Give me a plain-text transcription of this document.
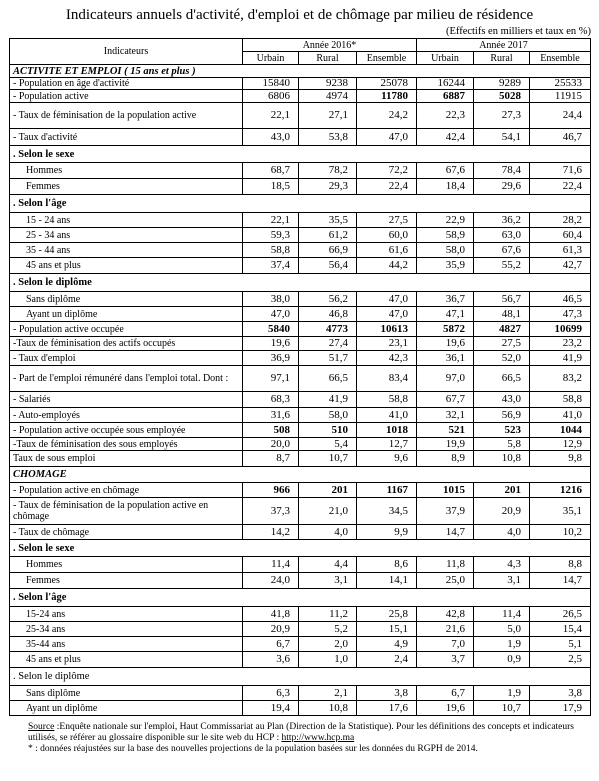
Indicateurs annuels d'activité, d'emploi et de chômage par milieu de résidence
(Effectifs en milliers et taux en %)
Indicateurs	Année 2016*			Année 2017		
	Urbain	Rural	Ensemble	Urbain	Rural	Ensemble
ACTIVITE ET EMPLOI ( 15 ans et plus )						
- Population en âge d'activité	15840	9238	25078	16244	9289	25533
- Population active	6806	4974	11780	6887	5028	11915
- Taux de féminisation de la population active	22,1	27,1	24,2	22,3	27,3	24,4
- Taux d'activité	43,0	53,8	47,0	42,4	54,1	46,7
. Selon le sexe						
Hommes	68,7	78,2	72,2	67,6	78,4	71,6
Femmes	18,5	29,3	22,4	18,4	29,6	22,4
. Selon l'âge						
15 - 24 ans	22,1	35,5	27,5	22,9	36,2	28,2
25 - 34 ans	59,3	61,2	60,0	58,9	63,0	60,4
35 - 44 ans	58,8	66,9	61,6	58,0	67,6	61,3
45 ans et plus	37,4	56,4	44,2	35,9	55,2	42,7
. Selon le diplôme						
Sans diplôme	38,0	56,2	47,0	36,7	56,7	46,5
Ayant un diplôme	47,0	46,8	47,0	47,1	48,1	47,3
- Population active occupée	5840	4773	10613	5872	4827	10699
-Taux de féminisation des actifs occupés	19,6	27,4	23,1	19,6	27,5	23,2
- Taux d'emploi	36,9	51,7	42,3	36,1	52,0	41,9
- Part de l'emploi rémunéré dans l'emploi total. Dont :	97,1	66,5	83,4	97,0	66,5	83,2
- Salariés	68,3	41,9	58,8	67,7	43,0	58,8
- Auto-employés	31,6	58,0	41,0	32,1	56,9	41,0
- Population active occupée sous employée	508	510	1018	521	523	1044
-Taux de féminisation des sous employés	20,0	5,4	12,7	19,9	5,8	12,9
Taux de sous emploi	8,7	10,7	9,6	8,9	10,8	9,8
CHOMAGE						
- Population active en chômage	966	201	1167	1015	201	1216
- Taux de féminisation de la population active en chômage	37,3	21,0	34,5	37,9	20,9	35,1
- Taux de chômage	14,2	4,0	9,9	14,7	4,0	10,2
. Selon le sexe						
Hommes	11,4	4,4	8,6	11,8	4,3	8,8
Femmes	24,0	3,1	14,1	25,0	3,1	14,7
. Selon l'âge						
15-24 ans	41,8	11,2	25,8	42,8	11,4	26,5
25-34 ans	20,9	5,2	15,1	21,6	5,0	15,4
35-44 ans	6,7	2,0	4,9	7,0	1,9	5,1
45 ans et plus	3,6	1,0	2,4	3,7	0,9	2,5
. Selon le diplôme						
Sans diplôme	6,3	2,1	3,8	6,7	1,9	3,8
Ayant un diplôme	19,4	10,8	17,6	19,6	10,7	17,9
Source :Enquête nationale sur l'emploi, Haut Commissariat au Plan (Direction de la Statistique). Pour les définitions des concepts et indicateurs utilisés, se référer au glossaire disponible sur le site web du HCP : http://www.hcp.ma
* : données réajustées sur la base des nouvelles projections de la population basées sur les données du RGPH de 2014.
